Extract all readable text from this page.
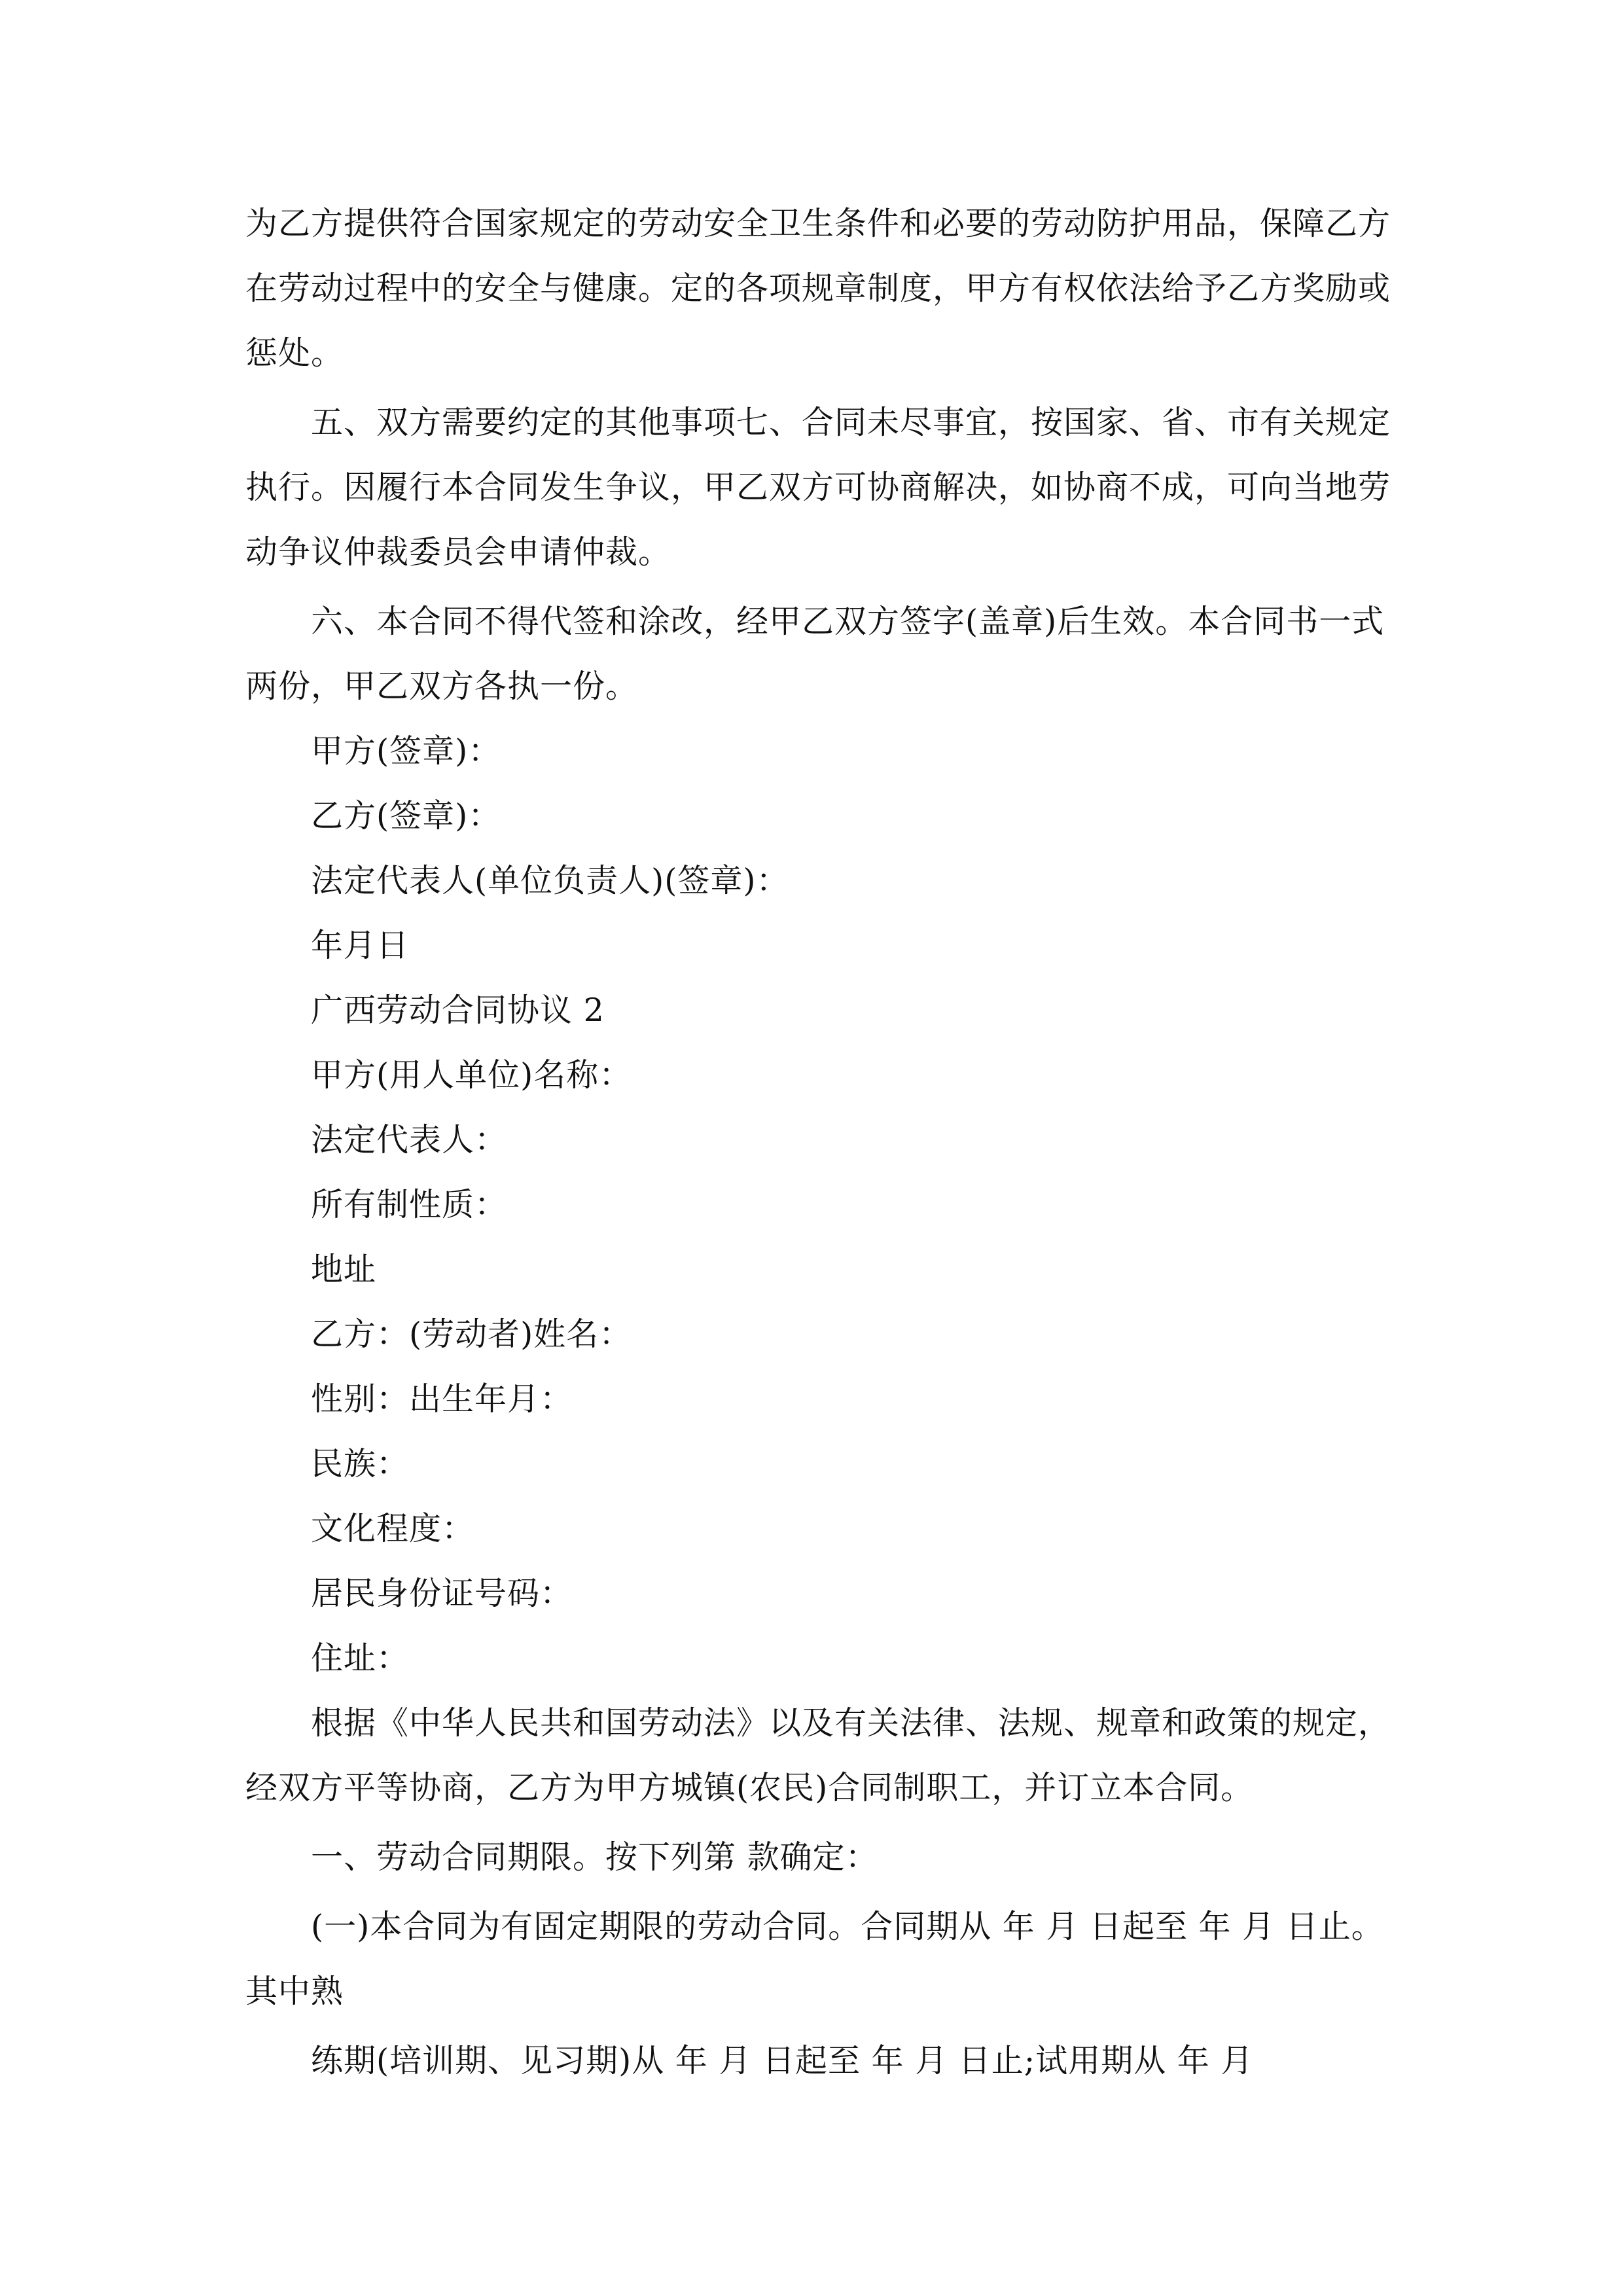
为乙方提供符合国家规定的劳动安全卫生条件和必要的劳动防护用品，保障乙方
在劳动过程中的安全与健康。定的各项规章制度，甲方有权依法给予乙方奖励或
惩处。
五、双方需要约定的其他事项七、合同未尽事宜，按国家、省、市有关规定
执行。因履行本合同发生争议，甲乙双方可协商解决，如协商不成，可向当地劳
动争议仲裁委员会申请仲裁。
六、本合同不得代签和涂改，经甲乙双方签字(盖章)后生效。本合同书一式
两份，甲乙双方各执一份。
甲方(签章)：
乙方(签章)：
法定代表人(单位负责人)(签章)：
年月日
广西劳动合同协议 2
甲方(用人单位)名称：
法定代表人：
所有制性质：
地址
乙方：(劳动者)姓名：
性别：出生年月：
民族：
文化程度：
居民身份证号码：
住址：
根据《中华人民共和国劳动法》以及有关法律、法规、规章和政策的规定，
经双方平等协商，乙方为甲方城镇(农民)合同制职工，并订立本合同。
一、劳动合同期限。按下列第 款确定：
(一)本合同为有固定期限的劳动合同。合同期从 年 月 日起至 年 月 日止。
其中熟
练期(培训期、见习期)从 年 月 日起至 年 月 日止;试用期从 年 月
